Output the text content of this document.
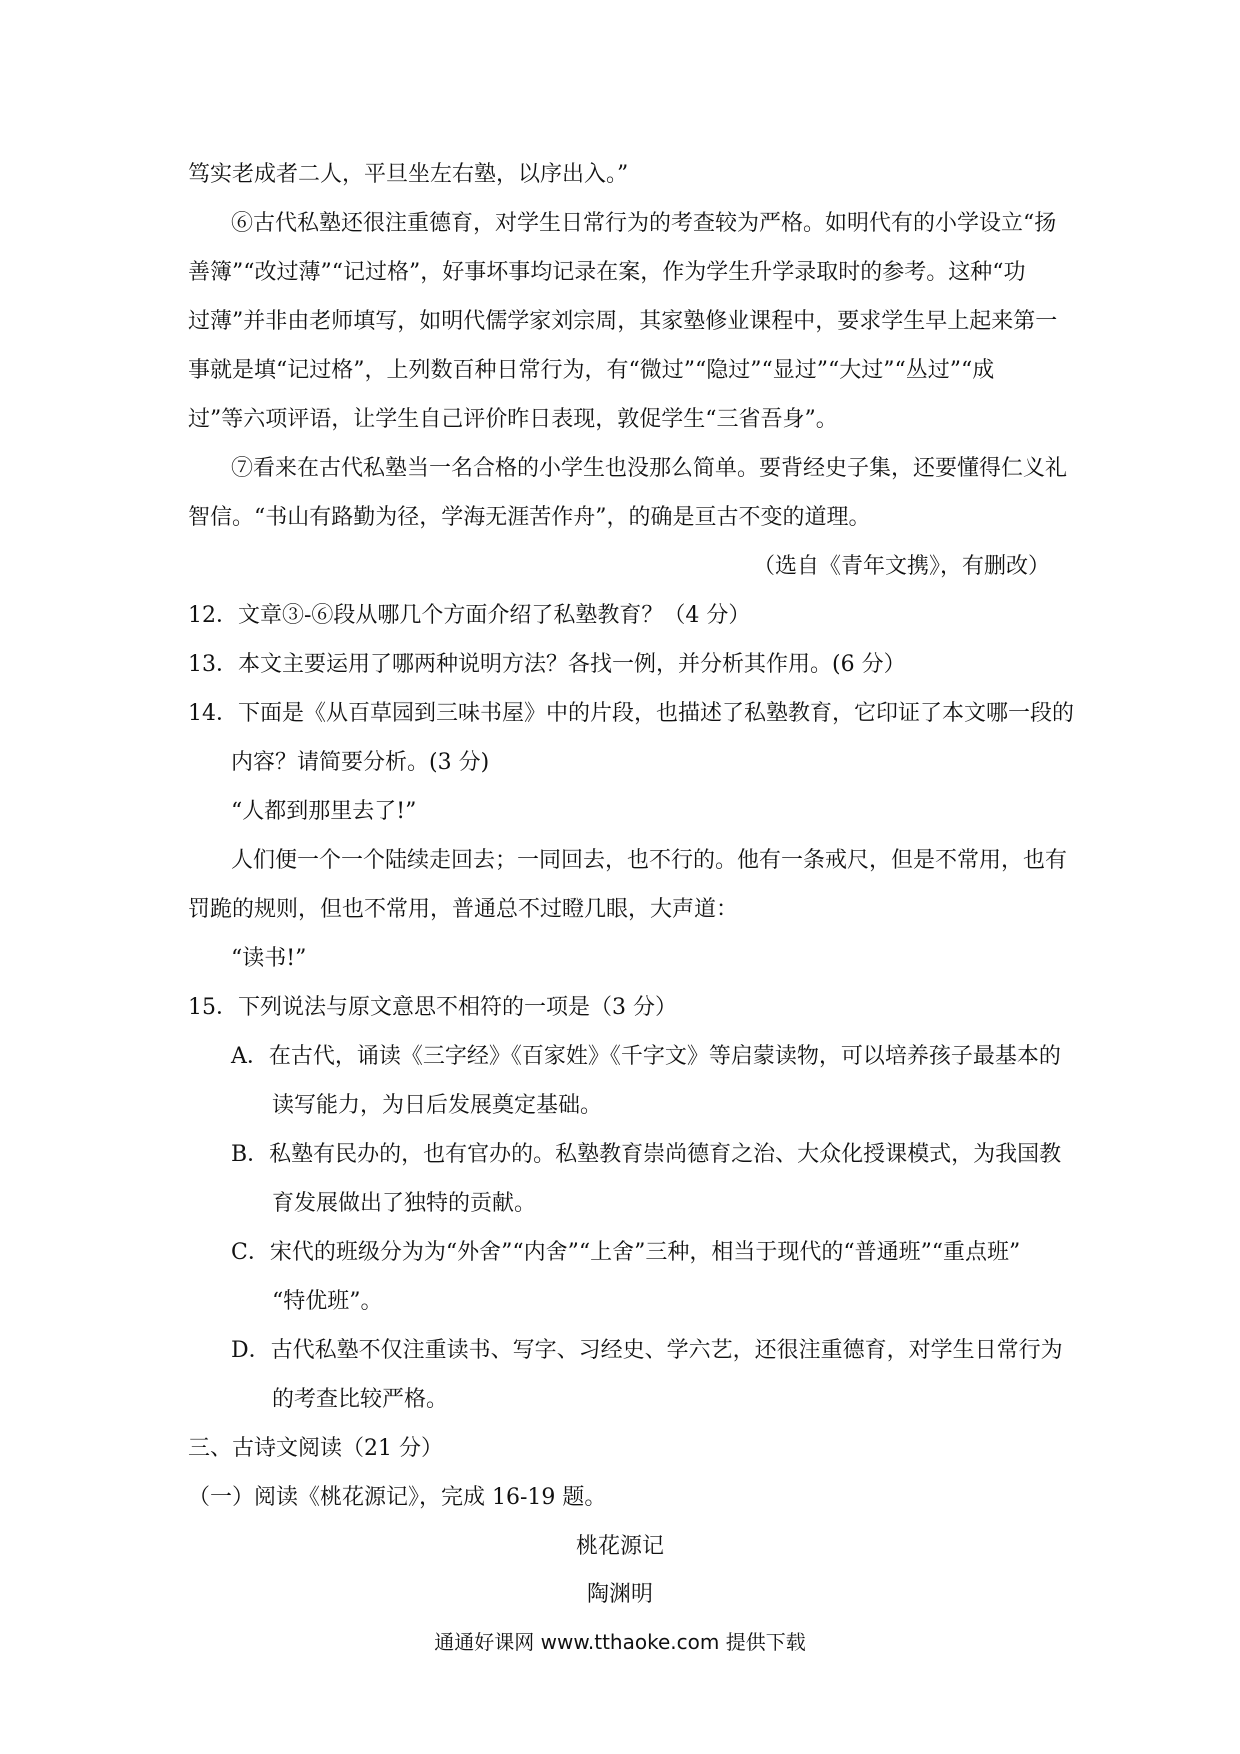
笃实老成者二人，平旦坐左右塾，以序出入。”
⑥古代私塾还很注重德育，对学生日常行为的考查较为严格。如明代有的小学设立“扬
善簿”“改过薄”“记过格”，好事坏事均记录在案，作为学生升学录取时的参考。这种“功
过薄”并非由老师填写，如明代儒学家刘宗周，其家塾修业课程中，要求学生早上起来第一
事就是填“记过格”，上列数百种日常行为，有“微过”“隐过”“显过”“大过”“丛过”“成
过”等六项评语，让学生自己评价昨日表现，敦促学生“三省吾身”。
⑦看来在古代私塾当一名合格的小学生也没那么简单。要背经史子集，还要懂得仁义礼
智信。“书山有路勤为径，学海无涯苦作舟”，的确是亘古不变的道理。
（选自《青年文携》，有删改）
12．文章③-⑥段从哪几个方面介绍了私塾教育？（4 分）
13．本文主要运用了哪两种说明方法？各找一例，并分析其作用。(6 分）
14．下面是《从百草园到三味书屋》中的片段，也描述了私塾教育，它印证了本文哪一段的
内容？请简要分析。(3 分)
“人都到那里去了!”
人们便一个一个陆续走回去；一同回去，也不行的。他有一条戒尺，但是不常用，也有
罚跪的规则，但也不常用，普通总不过瞪几眼，大声道：
“读书!”
15．下列说法与原文意思不相符的一项是（3 分）
A．在古代，诵读《三字经》《百家姓》《千字文》等启蒙读物，可以培养孩子最基本的
读写能力，为日后发展奠定基础。
B．私塾有民办的，也有官办的。私塾教育崇尚德育之治、大众化授课模式，为我国教
育发展做出了独特的贡献。
C．宋代的班级分为为“外舍”“内舍”“上舍”三种，相当于现代的“普通班”“重点班”
“特优班”。
D．古代私塾不仅注重读书、写字、习经史、学六艺，还很注重德育，对学生日常行为
的考查比较严格。
三、古诗文阅读（21 分）
（一）阅读《桃花源记》，完成 16-19 题。
桃花源记
陶渊明
通通好课网 www.tthaoke.com 提供下载
